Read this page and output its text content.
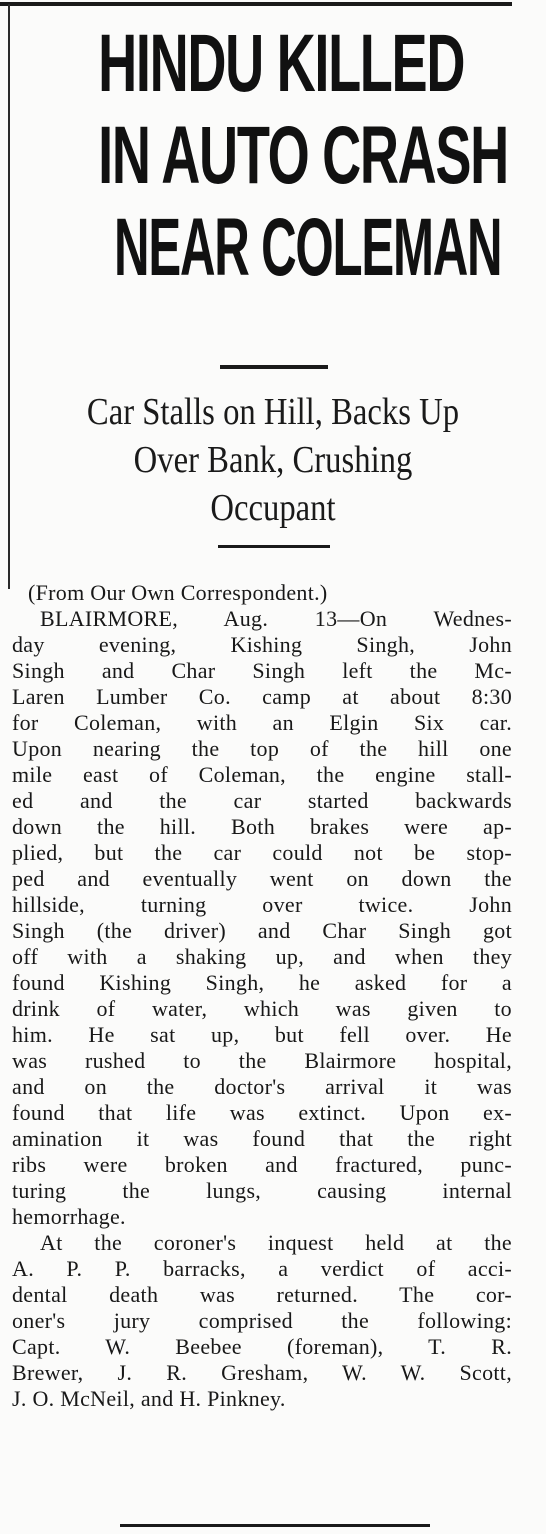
HINDU KILLED
IN AUTO CRASH
NEAR COLEMAN
Car Stalls on Hill, Backs Up
Over Bank, Crushing
Occupant
(From Our Own Correspondent.)
BLAIRMORE, Aug. 13—On Wednes-
day evening, Kishing Singh, John
Singh and Char Singh left the Mc-
Laren Lumber Co. camp at about 8:30
for Coleman, with an Elgin Six car.
Upon nearing the top of the hill one
mile east of Coleman, the engine stall-
ed and the car started backwards
down the hill. Both brakes were ap-
plied, but the car could not be stop-
ped and eventually went on down the
hillside, turning over twice. John
Singh (the driver) and Char Singh got
off with a shaking up, and when they
found Kishing Singh, he asked for a
drink of water, which was given to
him. He sat up, but fell over. He
was rushed to the Blairmore hospital,
and on the doctor's arrival it was
found that life was extinct. Upon ex-
amination it was found that the right
ribs were broken and fractured, punc-
turing the lungs, causing internal
hemorrhage.
At the coroner's inquest held at the
A. P. P. barracks, a verdict of acci-
dental death was returned. The cor-
oner's jury comprised the following:
Capt. W. Beebee (foreman), T. R.
Brewer, J. R. Gresham, W. W. Scott,
J. O. McNeil, and H. Pinkney.
